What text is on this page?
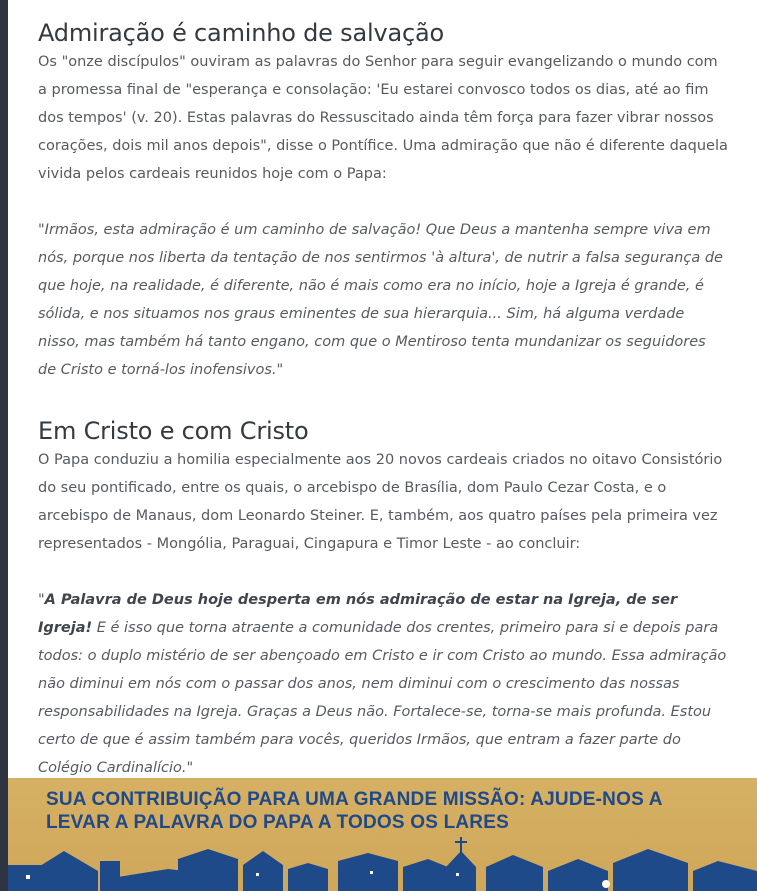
Admiração é caminho de salvação

Os "onze discípulos" ouviram as palavras do Senhor para seguir evangelizando o mundo com a promessa final de "esperança e consolação: 'Eu estarei convosco todos os dias, até ao fim dos tempos' (v. 20). Estas palavras do Ressuscitado ainda têm força para fazer vibrar nossos corações, dois mil anos depois", disse o Pontífice. Uma admiração que não é diferente daquela vivida pelos cardeais reunidos hoje com o Papa:

"Irmãos, esta admiração é um caminho de salvação! Que Deus a mantenha sempre viva em nós, porque nos liberta da tentação de nos sentirmos 'à altura', de nutrir a falsa segurança de que hoje, na realidade, é diferente, não é mais como era no início, hoje a Igreja é grande, é sólida, e nos situamos nos graus eminentes de sua hierarquia... Sim, há alguma verdade nisso, mas também há tanto engano, com que o Mentiroso tenta mundanizar os seguidores de Cristo e torná-los inofensivos."

Em Cristo e com Cristo

O Papa conduziu a homilia especialmente aos 20 novos cardeais criados no oitavo Consistório do seu pontificado, entre os quais, o arcebispo de Brasília, dom Paulo Cezar Costa, e o arcebispo de Manaus, dom Leonardo Steiner. E, também, aos quatro países pela primeira vez representados - Mongólia, Paraguai, Cingapura e Timor Leste - ao concluir:

"A Palavra de Deus hoje desperta em nós admiração de estar na Igreja, de ser Igreja! E é isso que torna atraente a comunidade dos crentes, primeiro para si e depois para todos: o duplo mistério de ser abençoado em Cristo e ir com Cristo ao mundo. Essa admiração não diminui em nós com o passar dos anos, nem diminui com o crescimento das nossas responsabilidades na Igreja. Graças a Deus não. Fortalece-se, torna-se mais profunda. Estou certo de que é assim também para vocês, queridos Irmãos, que entram a fazer parte do Colégio Cardinalício."

SUA CONTRIBUIÇÃO PARA UMA GRANDE MISSÃO: AJUDE-NOS A LEVAR A PALAVRA DO PAPA A TODOS OS LARES
